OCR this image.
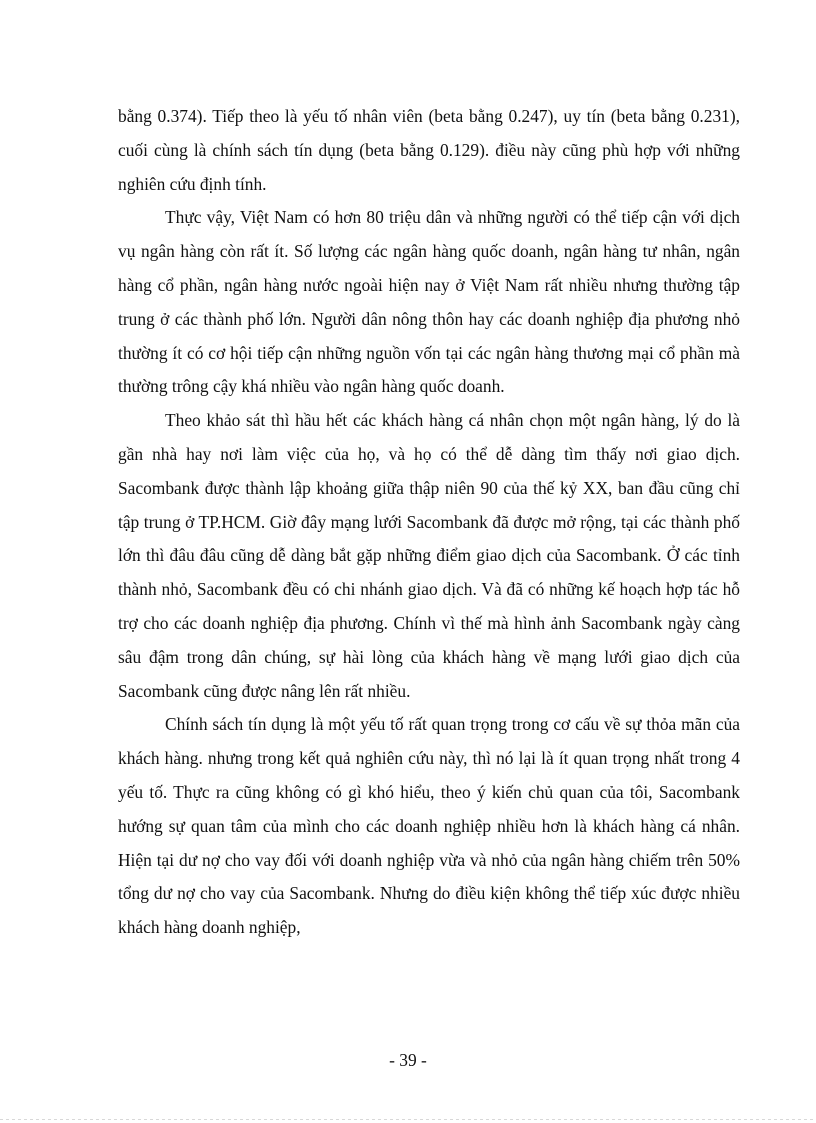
bằng 0.374). Tiếp theo là yếu tố nhân viên (beta bằng 0.247), uy tín (beta bằng 0.231), cuối cùng là chính sách tín dụng (beta bằng 0.129). điều này cũng phù hợp với những nghiên cứu định tính.

Thực vậy, Việt Nam có hơn 80 triệu dân và những người có thể tiếp cận với dịch vụ ngân hàng còn rất ít. Số lượng các ngân hàng quốc doanh, ngân hàng tư nhân, ngân hàng cổ phần, ngân hàng nước ngoài hiện nay ở Việt Nam rất nhiều nhưng thường tập trung ở các thành phố lớn. Người dân nông thôn hay các doanh nghiệp địa phương nhỏ thường ít có cơ hội tiếp cận những nguồn vốn tại các ngân hàng thương mại cổ phần mà thường trông cậy khá nhiều vào ngân hàng quốc doanh.

Theo khảo sát thì hầu hết các khách hàng cá nhân chọn một ngân hàng, lý do là gần nhà hay nơi làm việc của họ, và họ có thể dễ dàng tìm thấy nơi giao dịch. Sacombank được thành lập khoảng giữa thập niên 90 của thế kỷ XX, ban đầu cũng chỉ tập trung ở TP.HCM. Giờ đây mạng lưới Sacombank đã được mở rộng, tại các thành phố lớn thì đâu đâu cũng dễ dàng bắt gặp những điểm giao dịch của Sacombank. Ở các tỉnh thành nhỏ, Sacombank đều có chi nhánh giao dịch. Và đã có những kế hoạch hợp tác hỗ trợ cho các doanh nghiệp địa phương. Chính vì thế mà hình ảnh Sacombank ngày càng sâu đậm trong dân chúng, sự hài lòng của khách hàng về mạng lưới giao dịch của Sacombank cũng được nâng lên rất nhiều.

Chính sách tín dụng là một yếu tố rất quan trọng trong cơ cấu về sự thỏa mãn của khách hàng. nhưng trong kết quả nghiên cứu này, thì nó lại là ít quan trọng nhất trong 4 yếu tố. Thực ra cũng không có gì khó hiểu, theo ý kiến chủ quan của tôi, Sacombank hướng sự quan tâm của mình cho các doanh nghiệp nhiều hơn là khách hàng cá nhân. Hiện tại dư nợ cho vay đối với doanh nghiệp vừa và nhỏ của ngân hàng chiếm trên 50% tổng dư nợ cho vay của Sacombank. Nhưng do điều kiện không thể tiếp xúc được nhiều khách hàng doanh nghiệp,

- 39 -
